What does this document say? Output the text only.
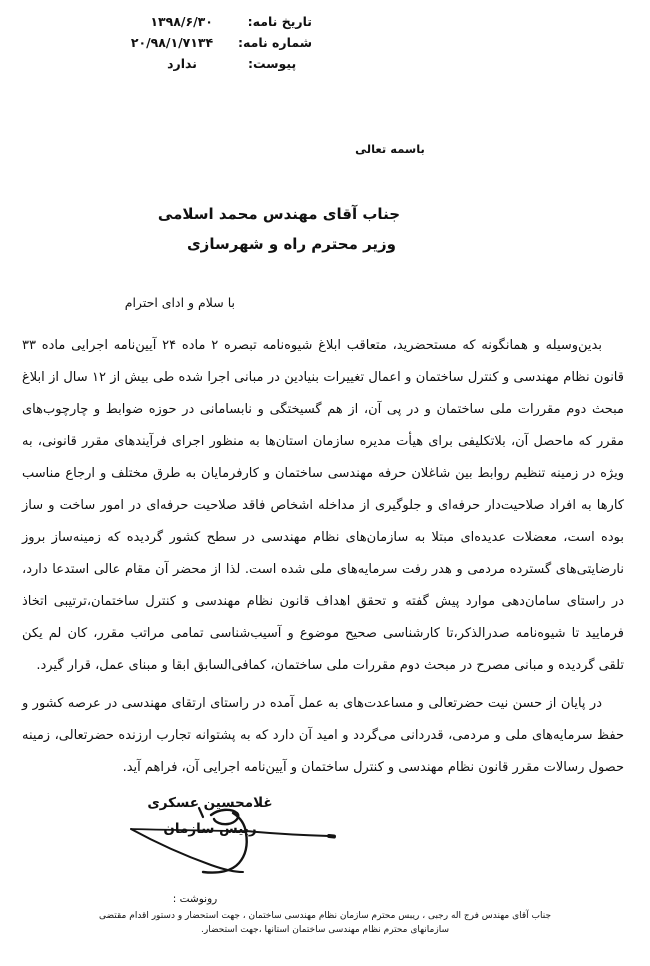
تاریخ نامه:
۱۳۹۸/۶/۳۰
شماره نامه:
۲۰/۹۸/۱/۷۱۳۴
پیوست:
ندارد
باسمه تعالی
جناب آقای مهندس محمد اسلامی
وزیر محترم راه و شهرسازی
با سلام و ادای احترام

بدین‌وسیله و همانگونه که مستحضرید، متعاقب ابلاغ شیوه‌نامه تبصره ۲ ماده ۲۴ آیین‌نامه اجرایی ماده ۳۳ قانون نظام مهندسی و کنترل ساختمان و اعمال تغییرات بنیادین در مبانی اجرا شده طی بیش از ۱۲ سال از ابلاغ مبحث دوم مقررات ملی ساختمان و در پی آن، از هم گسیختگی و نابسامانی در حوزه ضوابط و چارچوب‌های مقرر که ماحصل آن، بلاتکلیفی برای هیأت مدیره سازمان استان‌ها به منظور اجرای فرآیندهای مقرر قانونی، به ویژه در زمینه تنظیم روابط بین شاغلان حرفه مهندسی ساختمان و کارفرمایان به طرق مختلف و ارجاع مناسب کارها به افراد صلاحیت‌دار حرفه‌ای و جلوگیری از مداخله اشخاص فاقد صلاحیت حرفه‌ای در امور ساخت و ساز بوده است، معضلات عدیده‌ای مبتلا به سازمان‌های نظام مهندسی در سطح کشور گردیده که زمینه‌ساز بروز نارضایتی‌های گسترده مردمی و هدر رفت سرمایه‌های ملی شده است. لذا از محضر آن مقام عالی استدعا دارد، در راستای سامان‌دهی موارد پیش گفته و تحقق اهداف قانون نظام مهندسی و کنترل ساختمان،ترتیبی اتخاذ فرمایید تا شیوه‌نامه صدرالذکر،تا کارشناسی صحیح موضوع و آسیب‌شناسی تمامی مراتب مقرر، کان لم یکن تلقی گردیده و مبانی مصرح در مبحث دوم مقررات ملی ساختمان، کمافی‌السابق ابقا و مبنای عمل، قرار گیرد.

در پایان از حسن نیت حضرتعالی و مساعدت‌های به عمل آمده در راستای ارتقای مهندسی در عرصه کشور و حفظ سرمایه‌های ملی و مردمی، قدردانی می‌گردد و امید آن دارد که به پشتوانه تجارب ارزنده حضرتعالی، زمینه حصول رسالات مقرر قانون نظام مهندسی و کنترل ساختمان و آیین‌نامه اجرایی آن، فراهم آید.

غلامحسین عسکری
رییس سازمان
رونوشت :
جناب آقای مهندس فرج اله رجبی ، ریبس محترم سازمان نظام مهندسی ساختمان ، جهت استحضار و دستور اقدام مقتضی
سازمانهای محترم نظام مهندسی ساختمان استانها ،جهت استحضار.
